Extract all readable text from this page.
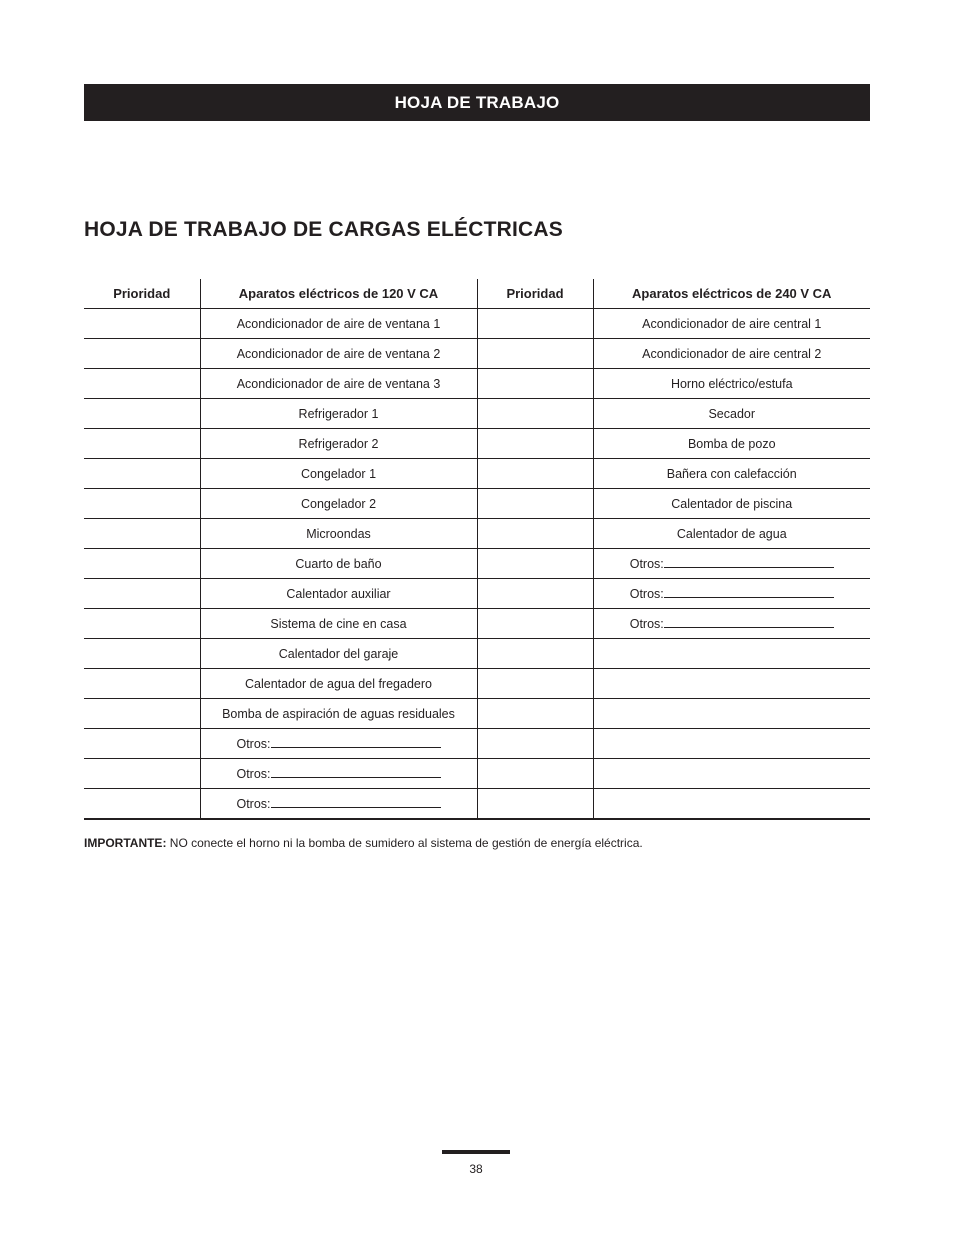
HOJA DE TRABAJO
HOJA DE TRABAJO DE CARGAS ELÉCTRICAS
Prioridad	Aparatos eléctricos de 120 V CA	Prioridad	Aparatos eléctricos de 240 V CA
	Acondicionador de aire de ventana 1		Acondicionador de aire central 1
	Acondicionador de aire de ventana 2		Acondicionador de aire central 2
	Acondicionador de aire de ventana 3		Horno eléctrico/estufa
	Refrigerador 1		Secador
	Refrigerador 2		Bomba de pozo
	Congelador 1		Bañera con calefacción
	Congelador 2		Calentador de piscina
	Microondas		Calentador de agua
	Cuarto de baño		Otros:
	Calentador auxiliar		Otros:
	Sistema de cine en casa		Otros:
	Calentador del garaje		
	Calentador de agua del fregadero		
	Bomba de aspiración de aguas residuales		
	Otros:		
	Otros:		
	Otros:		
IMPORTANTE: NO conecte el horno ni la bomba de sumidero al sistema de gestión de energía eléctrica.
38
